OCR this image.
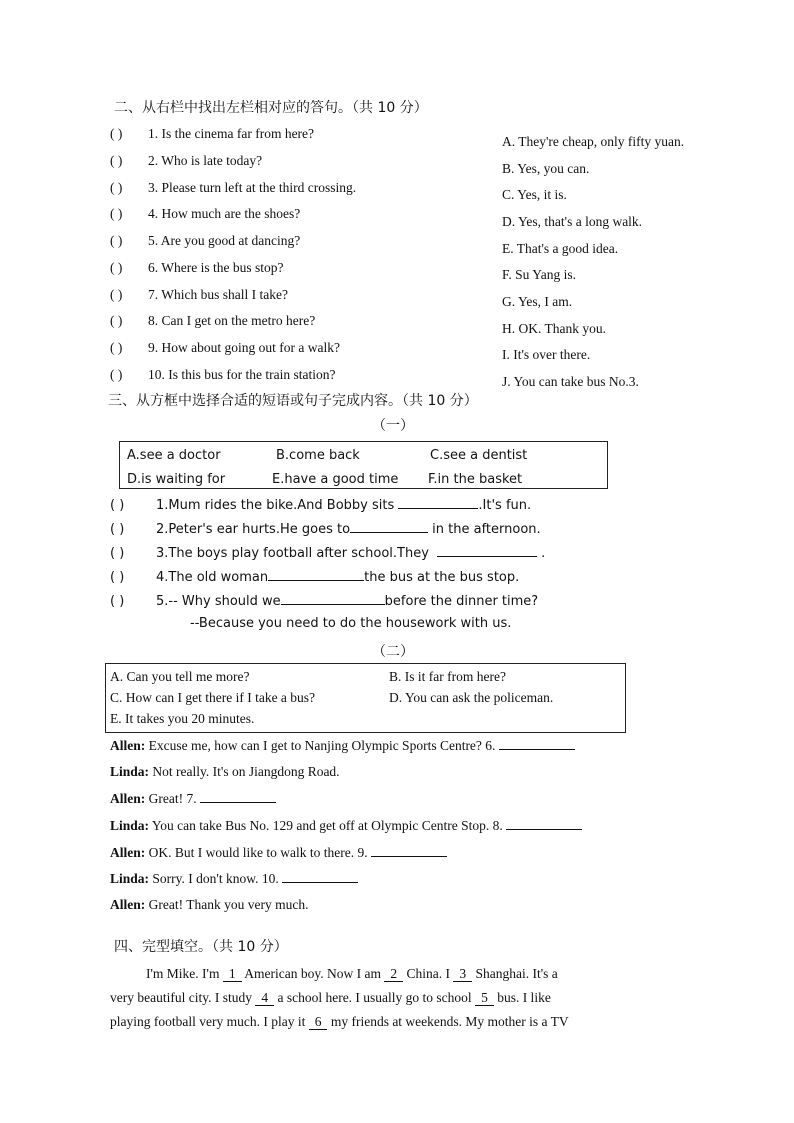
二、从右栏中找出左栏相对应的答句。（共 10 分）
( ) 1. Is the cinema far from here?
( ) 2. Who is late today?
( ) 3. Please turn left at the third crossing.
( ) 4. How much are the shoes?
( ) 5. Are you good at dancing?
( ) 6. Where is the bus stop?
( ) 7. Which bus shall I take?
( ) 8. Can I get on the metro here?
( ) 9. How about going out for a walk?
( ) 10. Is this bus for the train station?
A. They're cheap, only fifty yuan.
B. Yes, you can.
C. Yes, it is.
D. Yes, that's a long walk.
E. That's a good idea.
F. Su Yang is.
G. Yes, I am.
H. OK. Thank you.
I. It's over there.
J. You can take bus No.3.
三、从方框中选择合适的短语或句子完成内容。（共 10 分）
（一）
A.see a doctor	B.come back	C.see a dentist
D.is waiting for	E.have a good time F.in the basket
( ) 1.Mum rides the bike.And Bobby sits	.It's fun.
( ) 2.Peter's ear hurts.He goes to	in the afternoon.
( ) 3.The boys play football after school.They	.
( ) 4.The old woman	the bus at the bus stop.
( ) 5.-- Why should we	before the dinner time?
--Because you need to do the housework with us.
（二）
A. Can you tell me more?	B. Is it far from here?
C. How can I get there if I take a bus?	D. You can ask the policeman.
E. It takes you 20 minutes.
Allen: Excuse me, how can I get to Nanjing Olympic Sports Centre? 6.
Linda: Not really. It's on Jiangdong Road.
Allen: Great! 7.
Linda: You can take Bus No. 129 and get off at Olympic Centre Stop. 8.
Allen: OK. But I would like to walk to there. 9.
Linda: Sorry. I don't know. 10.
Allen: Great! Thank you very much.
四、完型填空。（共 10 分）
I'm Mike. I'm 1 American boy. Now I am 2 China. I 3 Shanghai. It's a
very beautiful city. I study 4 a school here. I usually go to school 5 bus. I like
playing football very much. I play it 6 my friends at weekends. My mother is a TV
